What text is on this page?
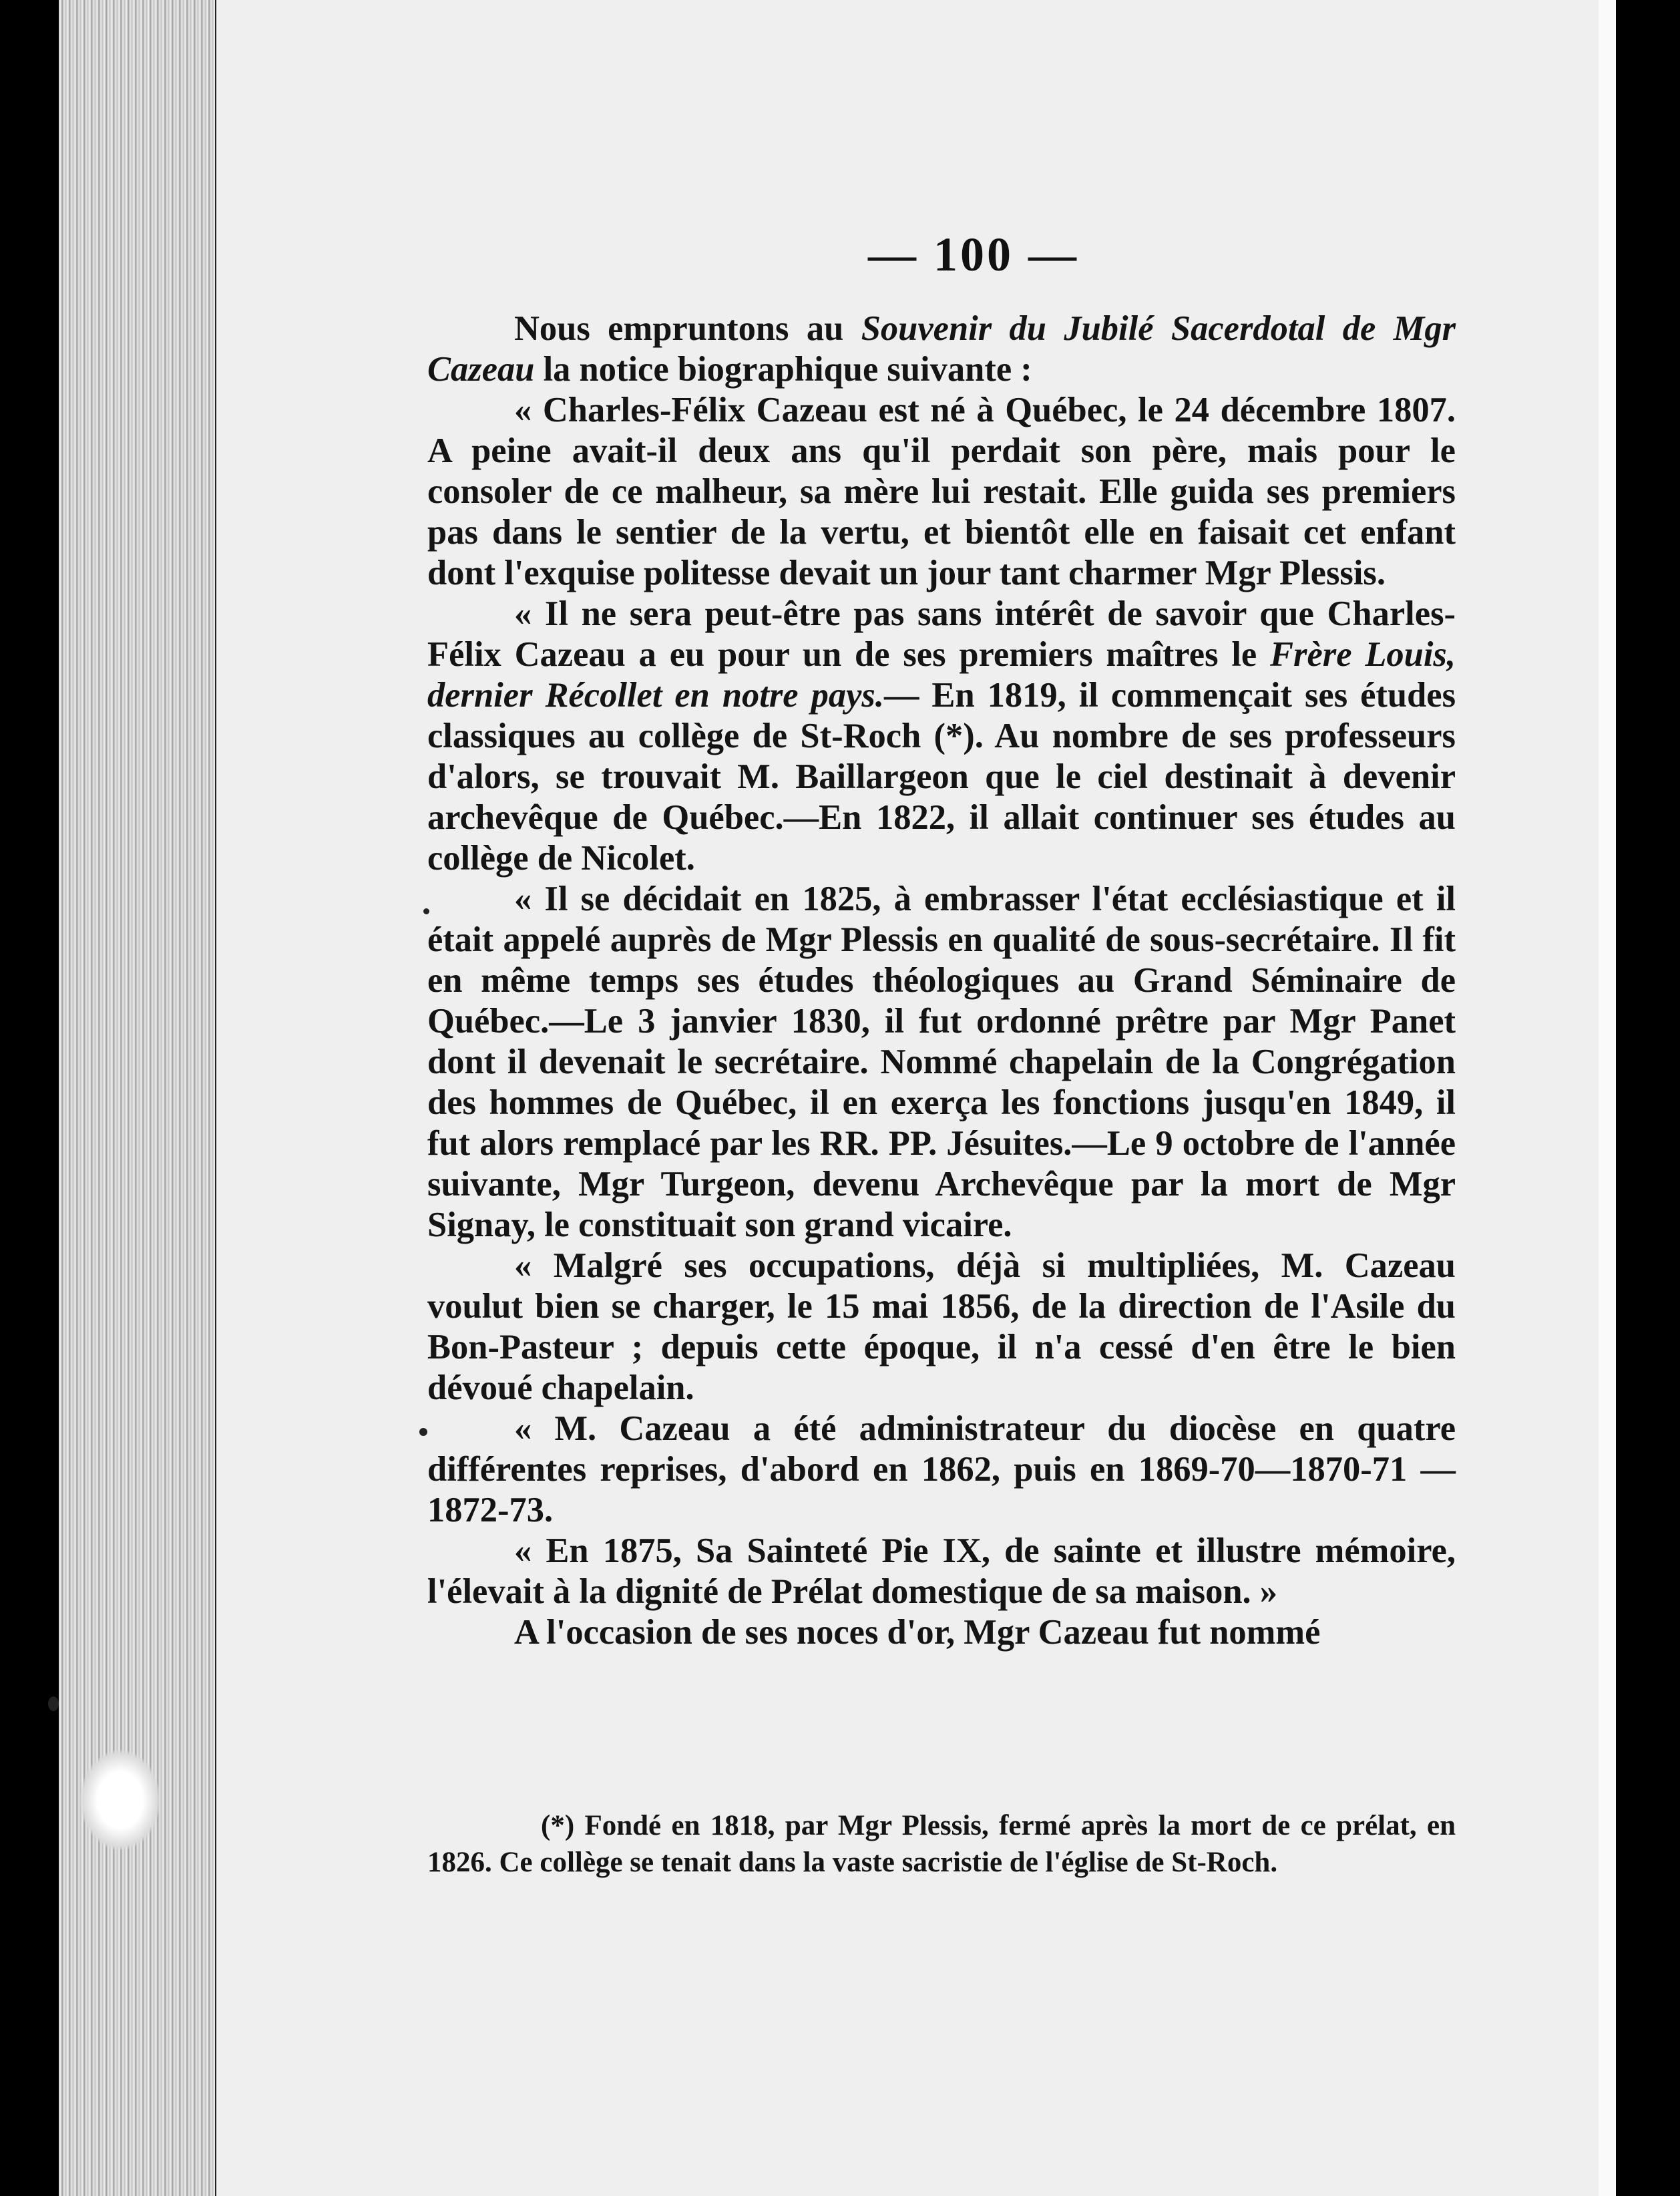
— 100 —

Nous empruntons au Souvenir du Jubilé Sacerdotal de Mgr Cazeau la notice biographique suivante :

« Charles-Félix Cazeau est né à Québec, le 24 décembre 1807. A peine avait-il deux ans qu'il perdait son père, mais pour le consoler de ce malheur, sa mère lui restait. Elle guida ses premiers pas dans le sentier de la vertu, et bientôt elle en faisait cet enfant dont l'exquise politesse devait un jour tant charmer Mgr Plessis.

« Il ne sera peut-être pas sans intérêt de savoir que Charles-Félix Cazeau a eu pour un de ses premiers maîtres le Frère Louis, dernier Récollet en notre pays.— En 1819, il commençait ses études classiques au collège de St-Roch (*). Au nombre de ses professeurs d'alors, se trouvait M. Baillargeon que le ciel destinait à devenir archevêque de Québec.—En 1822, il allait continuer ses études au collège de Nicolet.

« Il se décidait en 1825, à embrasser l'état ecclésiastique et il était appelé auprès de Mgr Plessis en qualité de sous-secrétaire. Il fit en même temps ses études théologiques au Grand Séminaire de Québec.—Le 3 janvier 1830, il fut ordonné prêtre par Mgr Panet dont il devenait le secrétaire. Nommé chapelain de la Congrégation des hommes de Québec, il en exerça les fonctions jusqu'en 1849, il fut alors remplacé par les RR. PP. Jésuites.—Le 9 octobre de l'année suivante, Mgr Turgeon, devenu Archevêque par la mort de Mgr Signay, le constituait son grand vicaire.

« Malgré ses occupations, déjà si multipliées, M. Cazeau voulut bien se charger, le 15 mai 1856, de la direction de l'Asile du Bon-Pasteur ; depuis cette époque, il n'a cessé d'en être le bien dévoué chapelain.

« M. Cazeau a été administrateur du diocèse en quatre différentes reprises, d'abord en 1862, puis en 1869-70—1870-71 —1872-73.

« En 1875, Sa Sainteté Pie IX, de sainte et illustre mémoire, l'élevait à la dignité de Prélat domestique de sa maison. »

A l'occasion de ses noces d'or, Mgr Cazeau fut nommé

(*) Fondé en 1818, par Mgr Plessis, fermé après la mort de ce prélat, en 1826. Ce collège se tenait dans la vaste sacristie de l'église de St-Roch.
